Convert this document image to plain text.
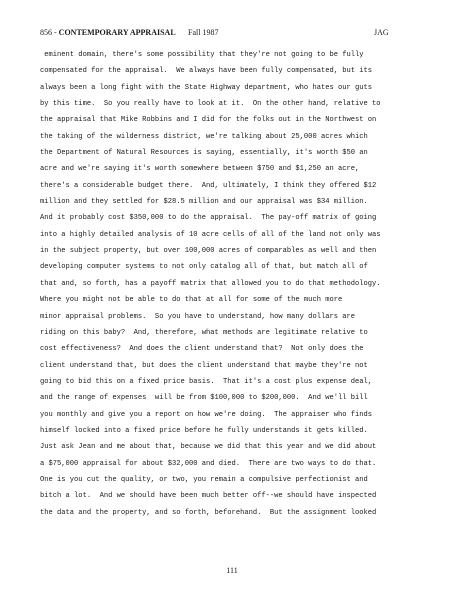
856 - CONTEMPORARY APPRAISAL Fall 1987	JAG
eminent domain, there's some possibility that they're not going to be fully
compensated for the appraisal.  We always have been fully compensated, but its
always been a long fight with the State Highway department, who hates our guts
by this time.  So you really have to look at it.  On the other hand, relative to
the appraisal that Mike Robbins and I did for the folks out in the Northwest on
the taking of the wilderness district, we're talking about 25,000 acres which
the Department of Natural Resources is saying, essentially, it's worth $50 an
acre and we're saying it's worth somewhere between $750 and $1,250 an acre,
there's a considerable budget there.  And, ultimately, I think they offered $12
million and they settled for $28.5 million and our appraisal was $34 million.
And it probably cost $350,000 to do the appraisal.  The pay-off matrix of going
into a highly detailed analysis of 10 acre cells of all of the land not only was
in the subject property, but over 100,000 acres of comparables as well and then
developing computer systems to not only catalog all of that, but match all of
that and, so forth, has a payoff matrix that allowed you to do that methodology.
Where you might not be able to do that at all for some of the much more
minor appraisal problems.  So you have to understand, how many dollars are
riding on this baby?  And, therefore, what methods are legitimate relative to
cost effectiveness?  And does the client understand that?  Not only does the
client understand that, but does the client understand that maybe they're not
going to bid this on a fixed price basis.  That it's a cost plus expense deal,
and the range of expenses  will be from $100,000 to $200,000.  And we'll bill
you monthly and give you a report on how we're doing.  The appraiser who finds
himself locked into a fixed price before he fully understands it gets killed.
Just ask Jean and me about that, because we did that this year and we did about
a $75,000 appraisal for about $32,000 and died.  There are two ways to do that.
One is you cut the quality, or two, you remain a compulsive perfectionist and
bitch a lot.  And we should have been much better off--we should have inspected
the data and the property, and so forth, beforehand.  But the assignment looked
111
